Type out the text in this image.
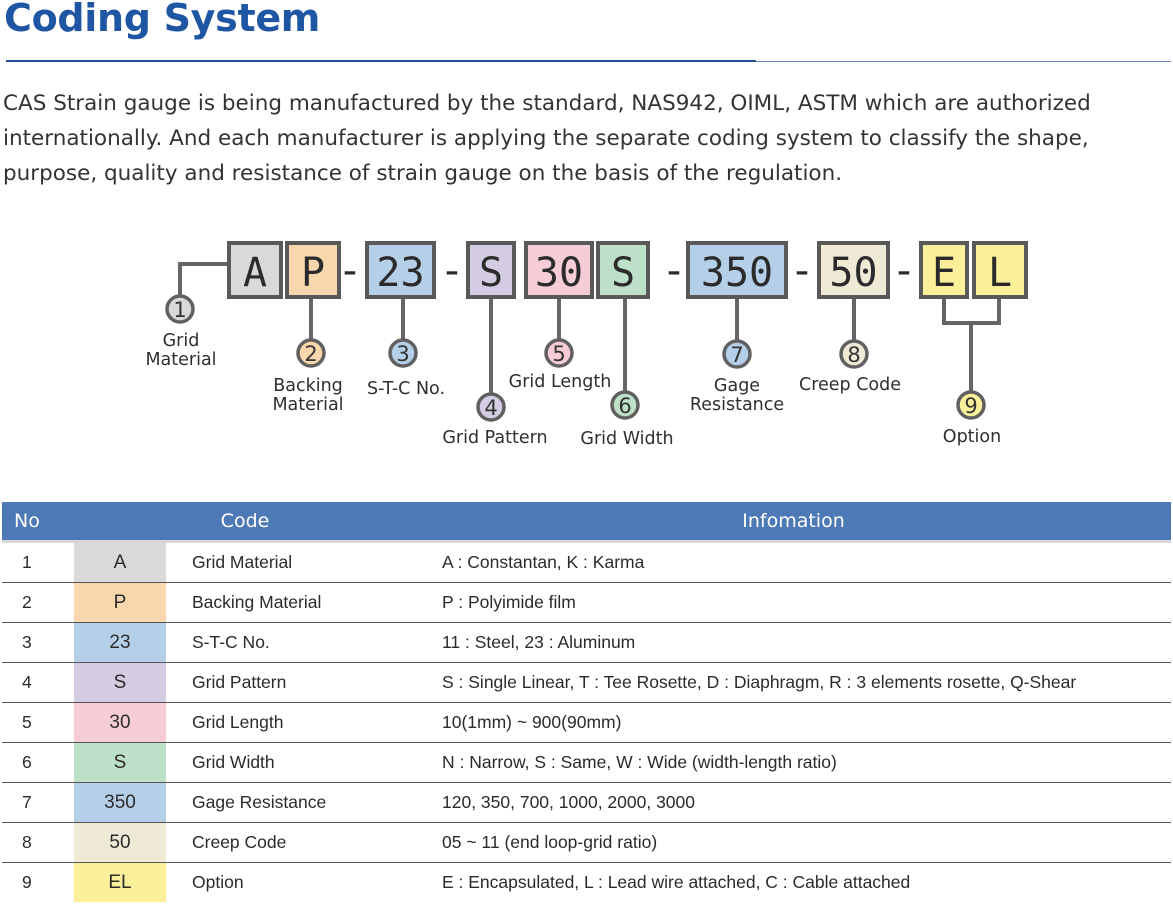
Coding System

CAS Strain gauge is being manufactured by the standard, NAS942, OIML, ASTM which are authorized internationally. And each manufacturer is applying the separate coding system to classify the shape, purpose, quality and resistance of strain gauge on the basis of the regulation.

A P 23 S 30 S 350 50 E L
- -	-	- -
1
Grid
Material	2
Backing
Material
3
S-T-C No.
4
Grid Pattern
5
Grid Length
6
Grid Width
7
Gage
Resistance
8
Creep Code
9
Option
No	Code		Infomation
1	A	Grid Material	A : Constantan, K : Karma
2	P	Backing Material	P : Polyimide film
3	23	S-T-C No.	11 : Steel, 23 : Aluminum
4	S	Grid Pattern	S : Single Linear, T : Tee Rosette, D : Diaphragm, R : 3 elements rosette, Q-Shear
5	30	Grid Length	10(1mm) ~ 900(90mm)
6	S	Grid Width	N : Narrow, S : Same, W : Wide (width-length ratio)
7	350	Gage Resistance	120, 350, 700, 1000, 2000, 3000
8	50	Creep Code	05 ~ 11 (end loop-grid ratio)
9	EL	Option	E : Encapsulated, L : Lead wire attached, C : Cable attached
